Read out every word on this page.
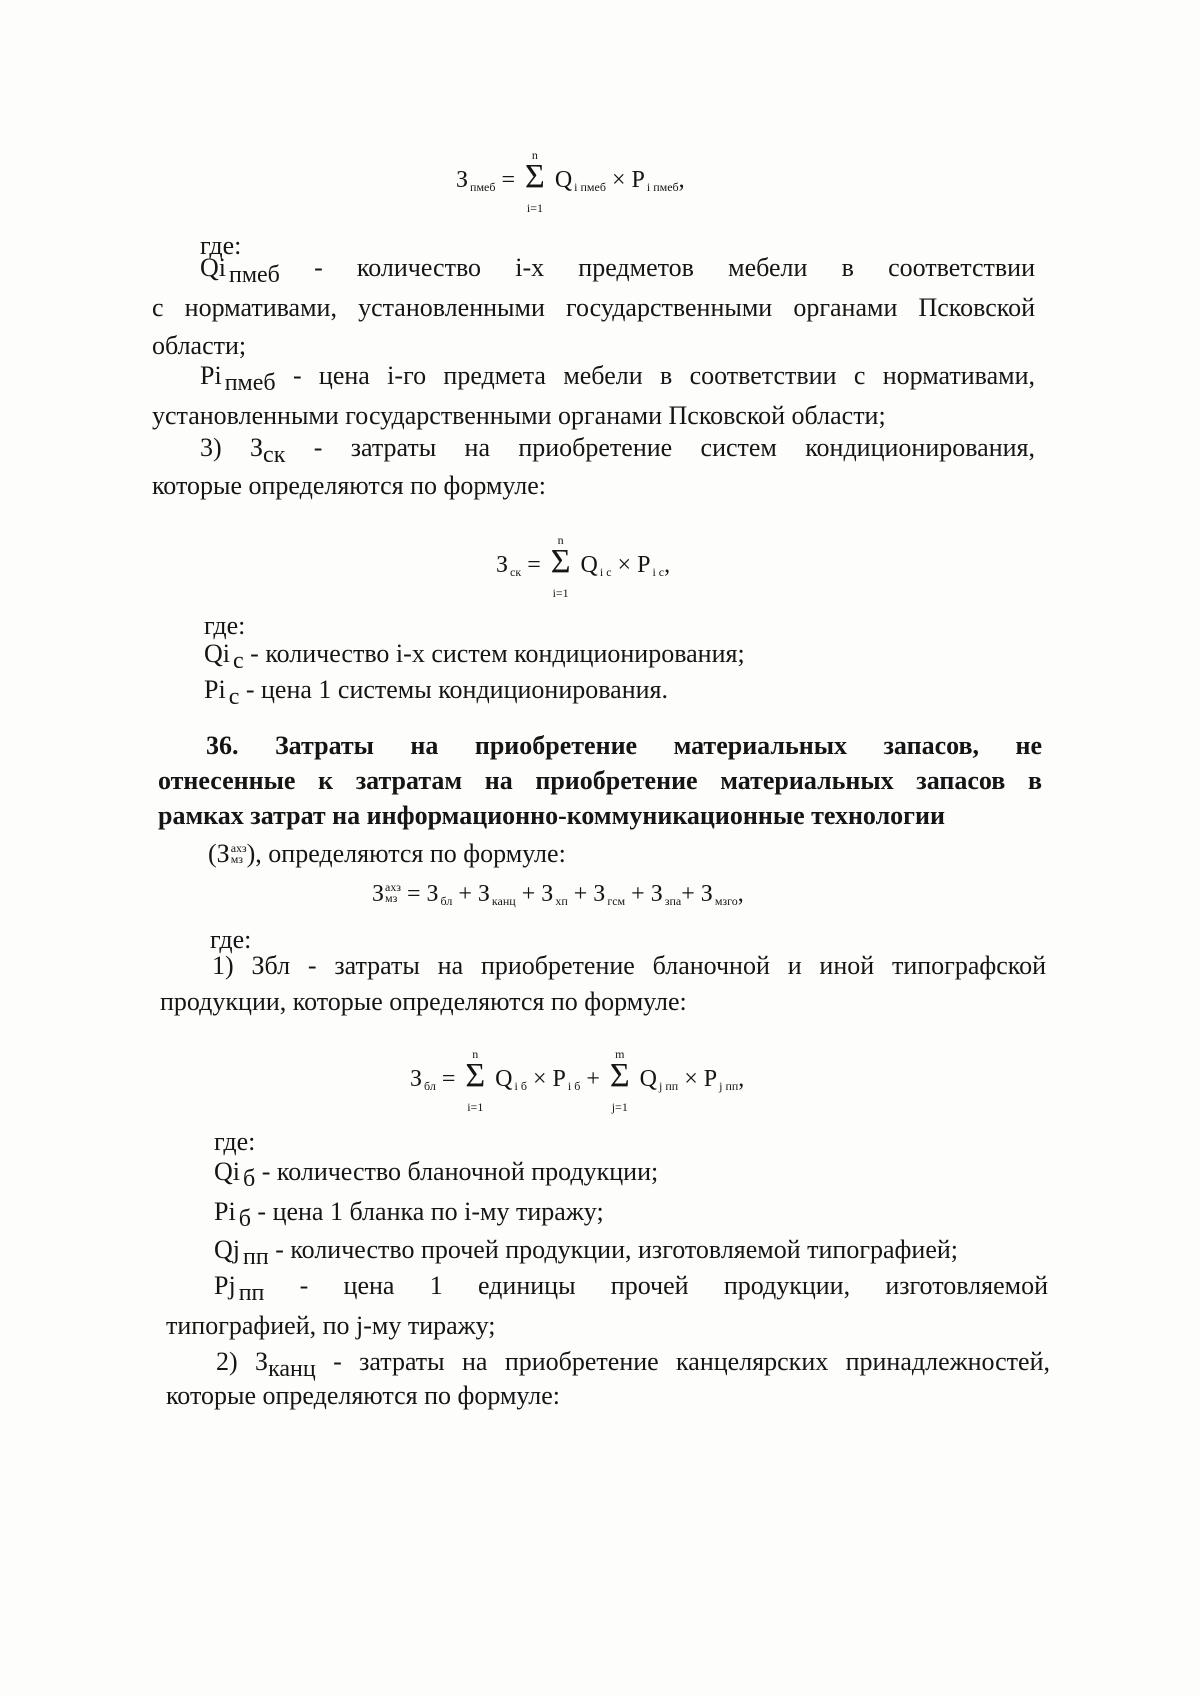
Зпмеб =
n
Σ
i=1
Q i пмеб × P i пмеб,
где:
Qi пмеб - количество i-х предметов мебели в соответствии
с нормативами, установленными государственными органами Псковской
области;
Pi пмеб - цена i-го предмета мебели в соответствии с нормативами,
установленными государственными органами Псковской области;
3) Зск - затраты на приобретение систем кондиционирования,
которые определяются по формуле:
Зск =
n
Σ
i=1
Q i с × P i с,
где:
Qi с - количество i-х систем кондиционирования;
Pi с - цена 1 системы кондиционирования.
36. Затраты на приобретение материальных запасов, не
отнесенные к затратам на приобретение материальных запасов в
рамках затрат на информационно-коммуникационные технологии
(З ахз
мз ), определяются по формуле:
З ахз
мз = З бл + З канц + З хп + З гсм + З зпа+ З мзго,
где:
1) Збл - затраты на приобретение бланочной и иной типографской
продукции, которые определяются по формуле:
Збл =
n
Σ
i=1
Q i б × P i б +
m
Σ
j=1
Q j пп × P j пп,
где:
Qi б - количество бланочной продукции;
Pi б - цена 1 бланка по i-му тиражу;
Qj пп - количество прочей продукции, изготовляемой типографией;
Pj пп - цена 1 единицы прочей продукции, изготовляемой
типографией, по j-му тиражу;
2) Зканц - затраты на приобретение канцелярских принадлежностей,
которые определяются по формуле:
